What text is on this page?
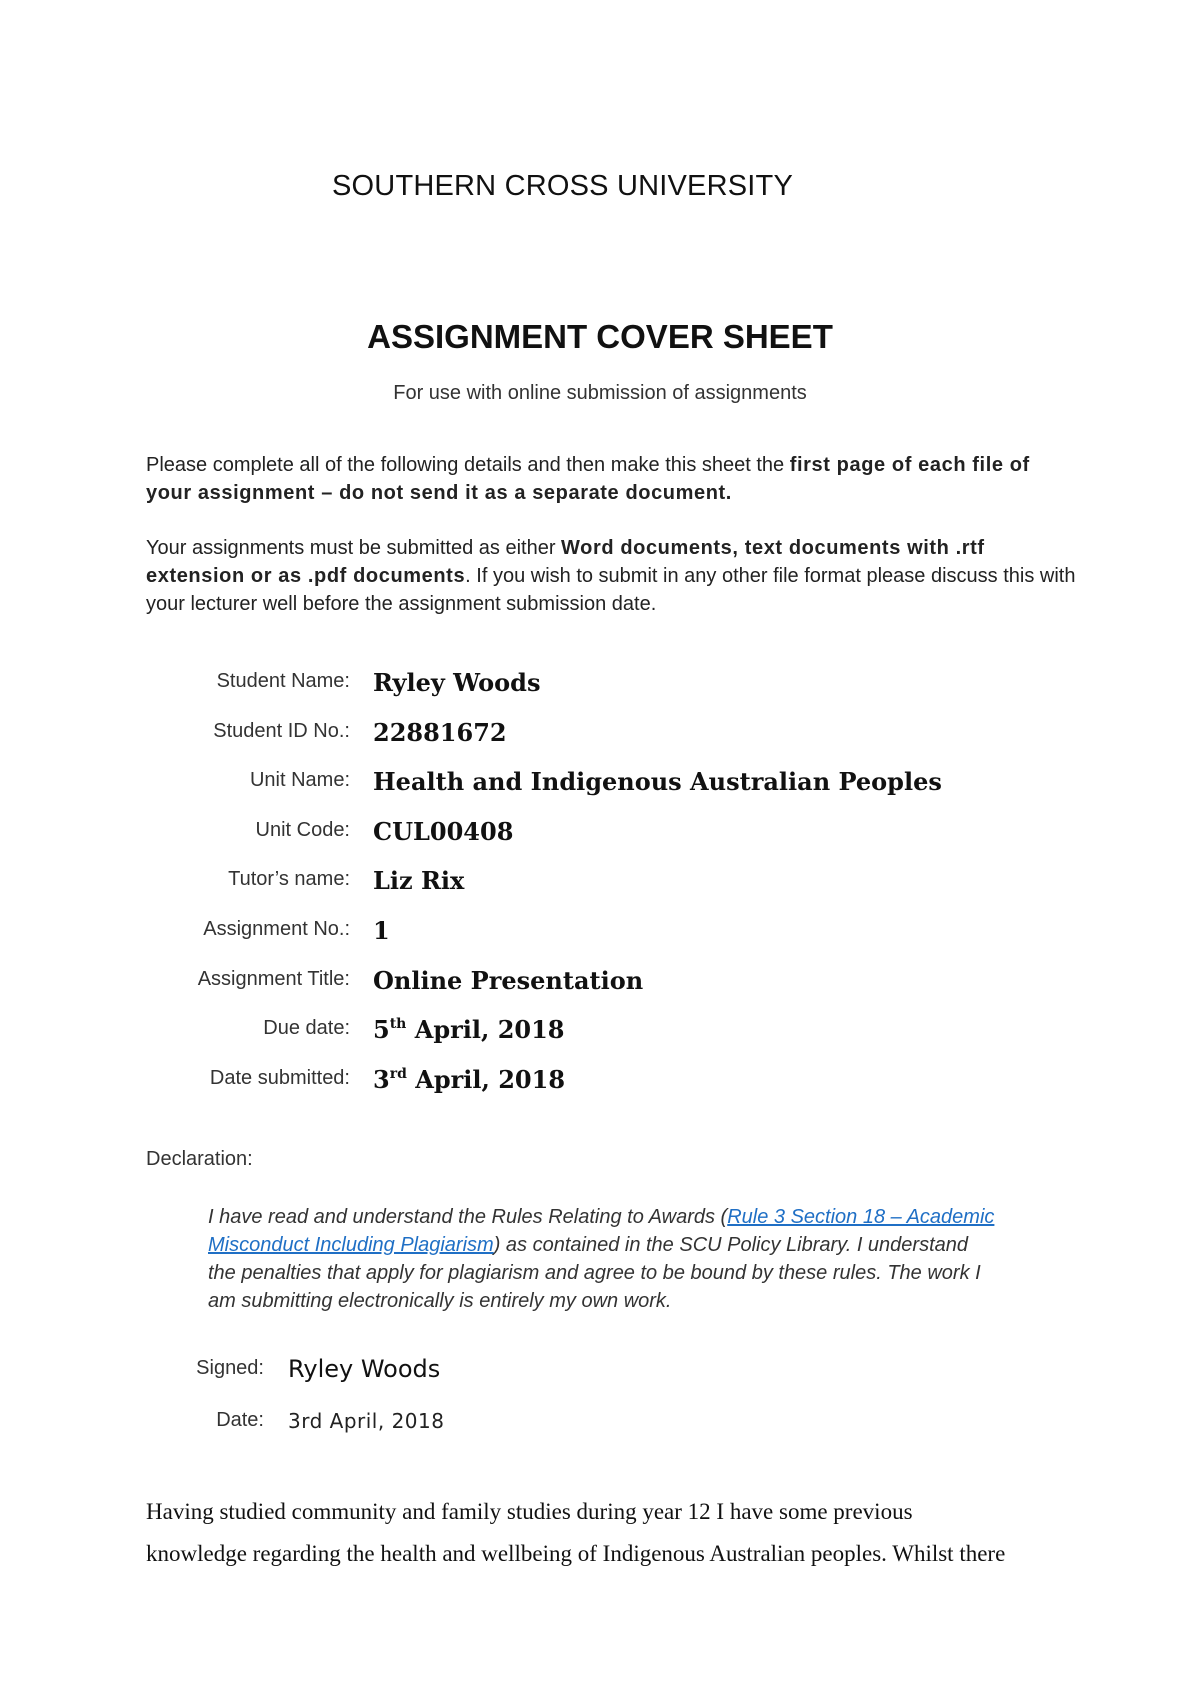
SOUTHERN CROSS UNIVERSITY
ASSIGNMENT COVER SHEET
For use with online submission of assignments
Please complete all of the following details and then make this sheet the first page of each file of your assignment – do not send it as a separate document.
Your assignments must be submitted as either Word documents, text documents with .rtf extension or as .pdf documents. If you wish to submit in any other file format please discuss this with your lecturer well before the assignment submission date.
Student Name: Ryley Woods
Student ID No.: 22881672
Unit Name: Health and Indigenous Australian Peoples
Unit Code: CUL00408
Tutor’s name: Liz Rix
Assignment No.: 1
Assignment Title: Online Presentation
Due date: 5th April, 2018
Date submitted: 3rd April, 2018
Declaration:
I have read and understand the Rules Relating to Awards (Rule 3 Section 18 – Academic Misconduct Including Plagiarism) as contained in the SCU Policy Library. I understand the penalties that apply for plagiarism and agree to be bound by these rules. The work I am submitting electronically is entirely my own work.
Signed: Ryley Woods
Date: 3rd April, 2018
Having studied community and family studies during year 12 I have some previous
knowledge regarding the health and wellbeing of Indigenous Australian peoples. Whilst there
